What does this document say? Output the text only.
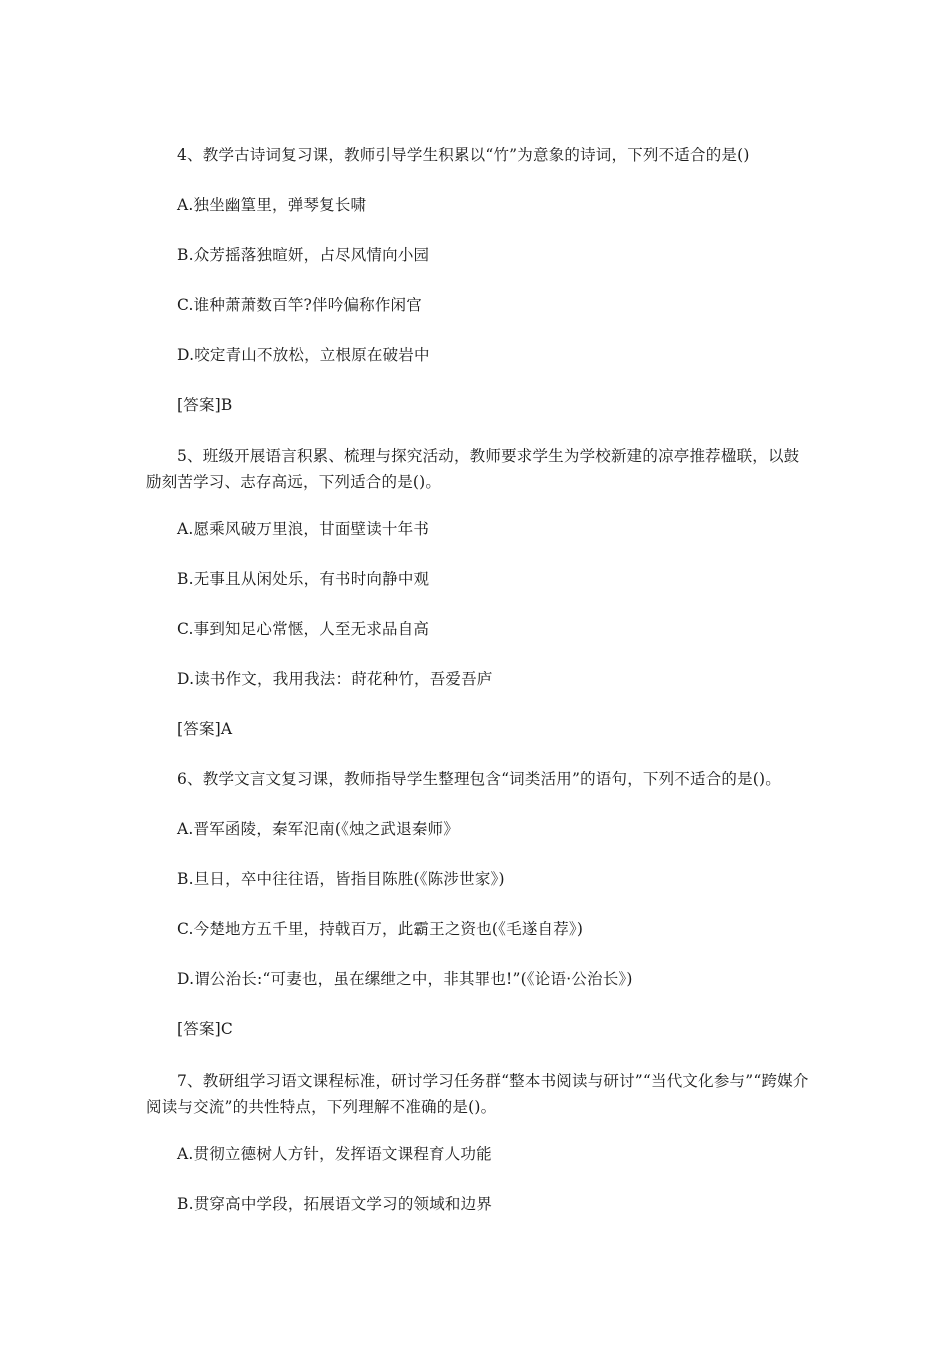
4、教学古诗词复习课，教师引导学生积累以“竹”为意象的诗词，下列不适合的是()
A.独坐幽篁里，弹琴复长啸
B.众芳摇落独暄妍，占尽风情向小园
C.谁种萧萧数百竿?伴吟偏称作闲官
D.咬定青山不放松，立根原在破岩中
[答案]B
5、班级开展语言积累、梳理与探究活动，教师要求学生为学校新建的凉亭推荐楹联，以鼓励刻苦学习、志存高远，下列适合的是()。
A.愿乘风破万里浪，甘面壁读十年书
B.无事且从闲处乐，有书时向静中观
C.事到知足心常惬，人至无求品自高
D.读书作文，我用我法：莳花种竹，吾爱吾庐
[答案]A
6、教学文言文复习课，教师指导学生整理包含“词类活用”的语句，下列不适合的是()。
A.晋军函陵，秦军氾南(《烛之武退秦师》
B.旦日，卒中往往语，皆指目陈胜(《陈涉世家》)
C.今楚地方五千里，持戟百万，此霸王之资也(《毛遂自荐》)
D.谓公治长:“可妻也，虽在缧绁之中，非其罪也!”(《论语·公治长》)
[答案]C
7、教研组学习语文课程标准，研讨学习任务群“整本书阅读与研讨”“当代文化参与”“跨媒介阅读与交流”的共性特点，下列理解不准确的是()。
A.贯彻立德树人方针，发挥语文课程育人功能
B.贯穿高中学段，拓展语文学习的领域和边界
